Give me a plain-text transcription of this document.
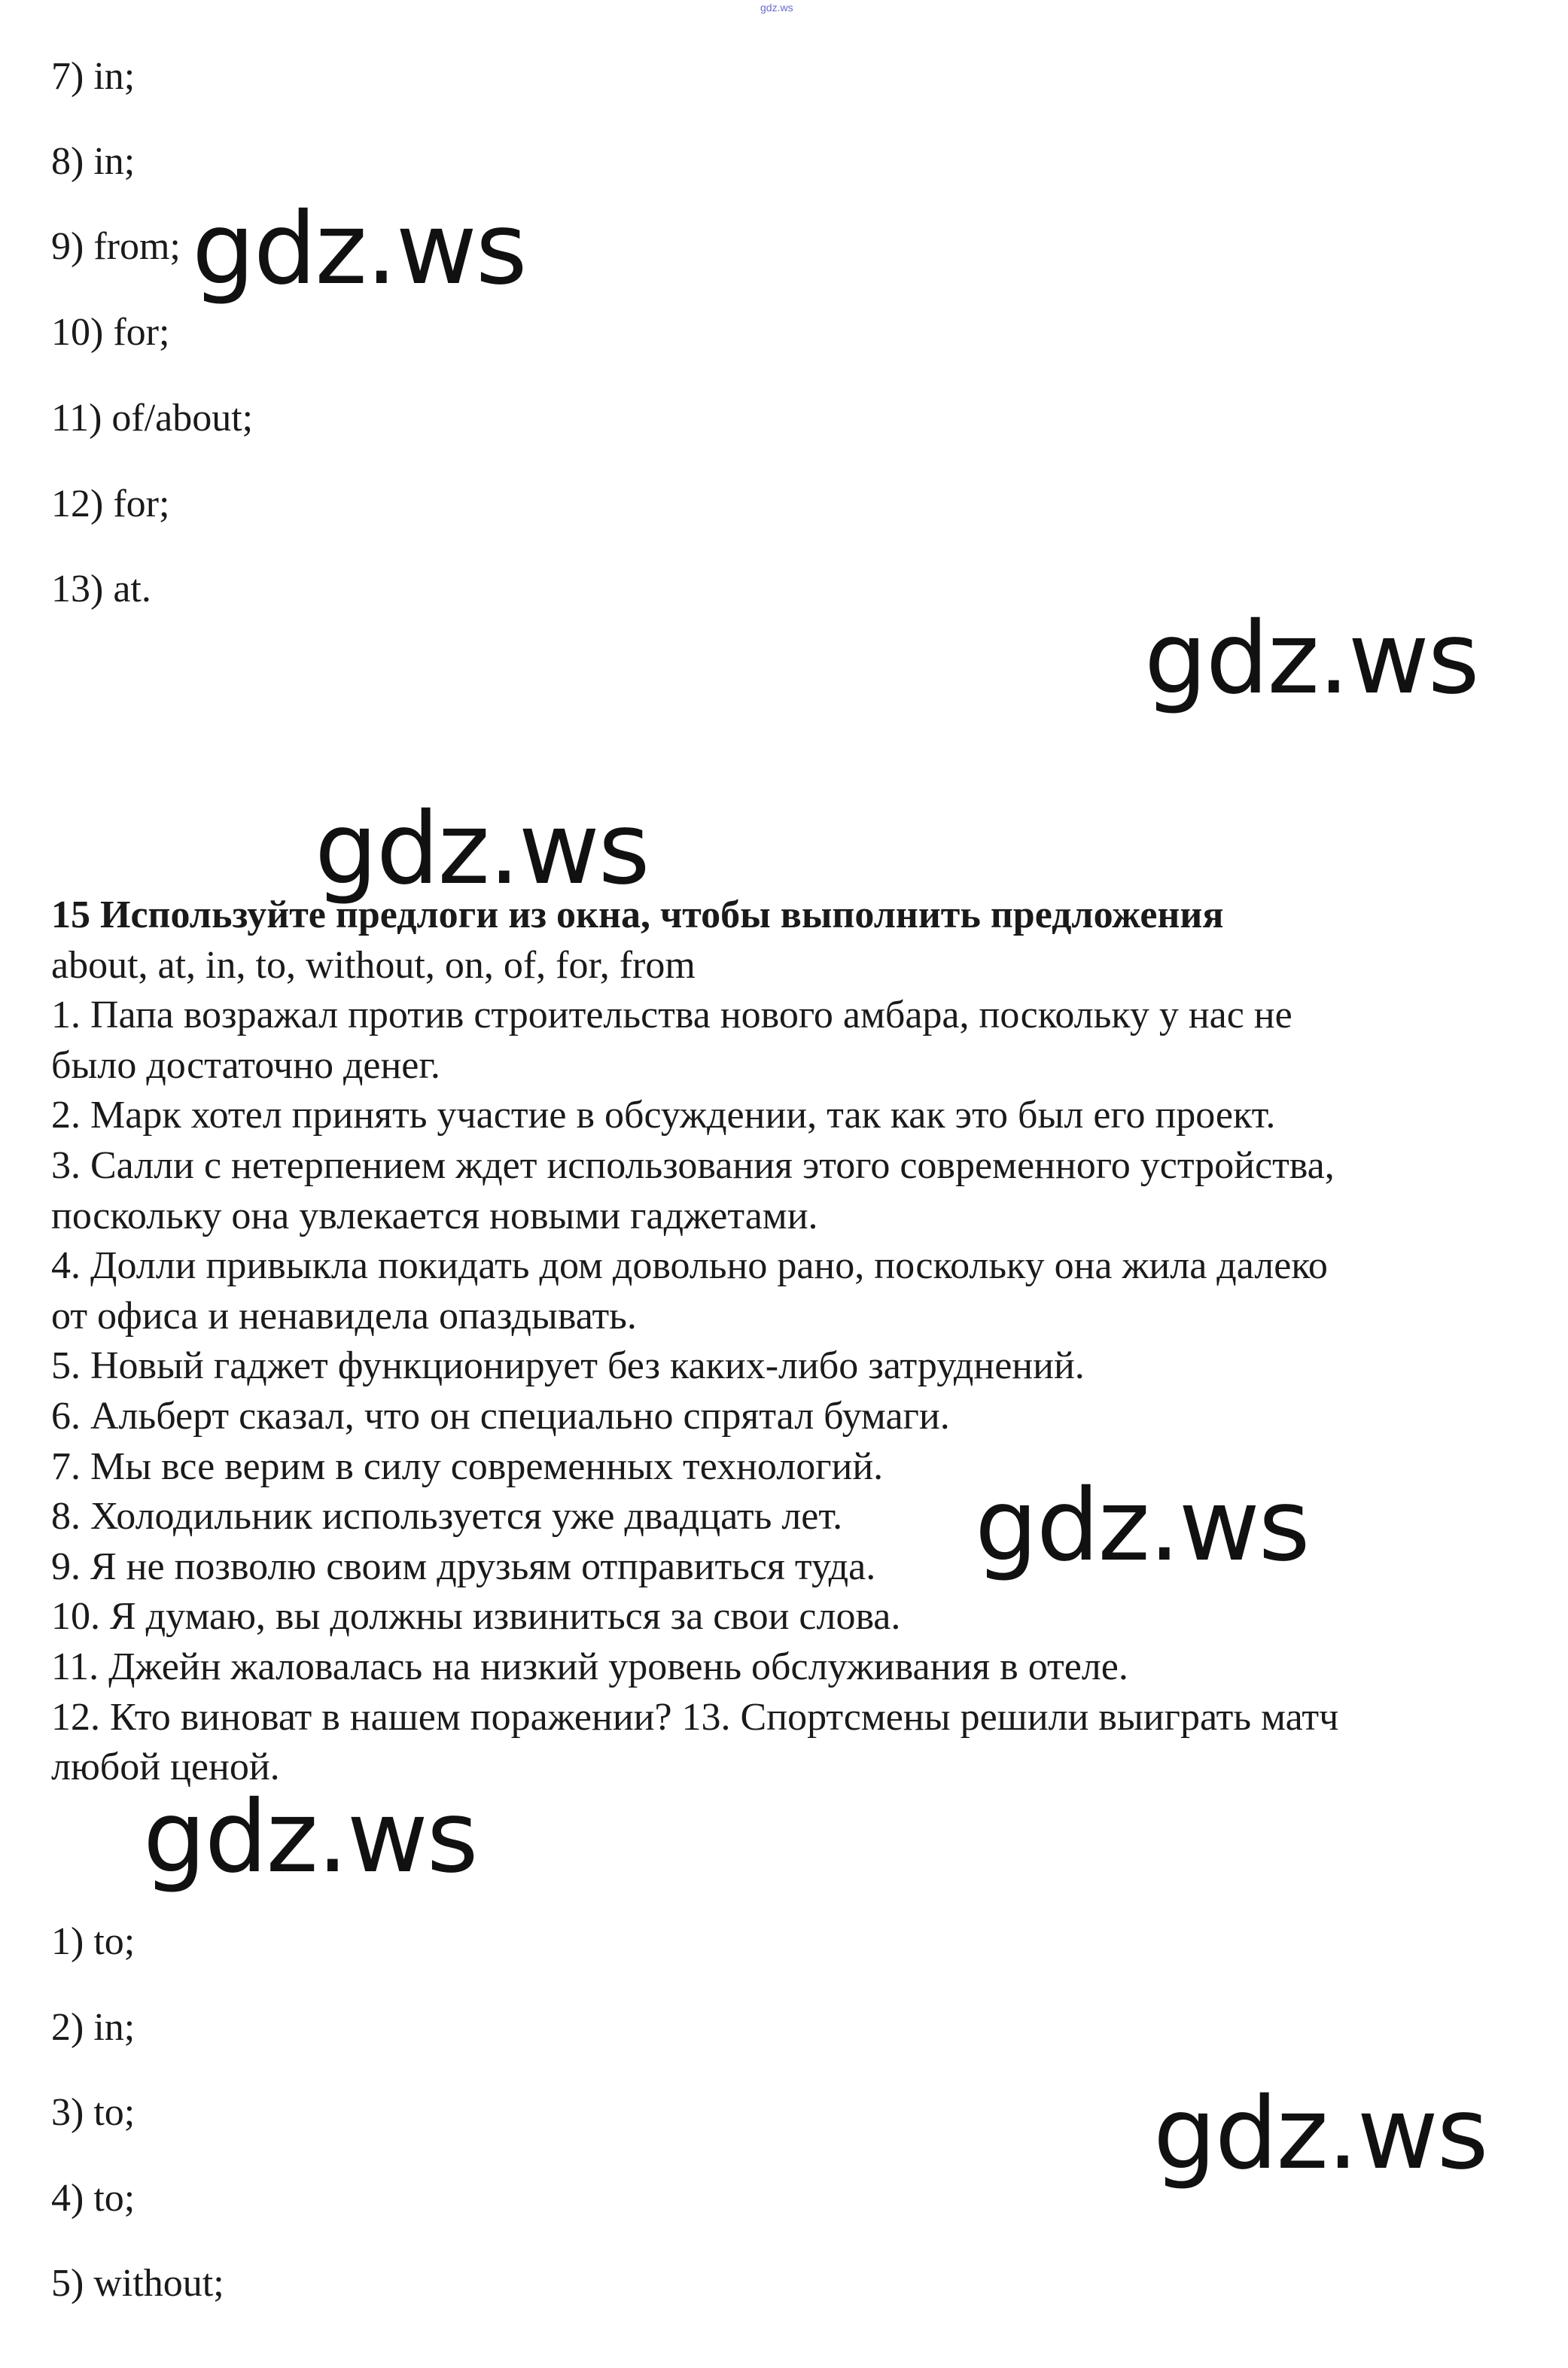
gdz.ws
7) in;
8) in;
9) from;
10) for;
11) of/about;
12) for;
13) at.
15 Используйте предлоги из окна, чтобы выполнить предложения
about, at, in, to, without, on, of, for, from
1. Папа возражал против строительства нового амбара, поскольку у нас не
было достаточно денег.
2. Марк хотел принять участие в обсуждении, так как это был его проект.
3. Салли с нетерпением ждет использования этого современного устройства,
поскольку она увлекается новыми гаджетами.
4. Долли привыкла покидать дом довольно рано, поскольку она жила далеко
от офиса и ненавидела опаздывать.
5. Новый гаджет функционирует без каких-либо затруднений.
6. Альберт сказал, что он специально спрятал бумаги.
7. Мы все верим в силу современных технологий.
8. Холодильник используется уже двадцать лет.
9. Я не позволю своим друзьям отправиться туда.
10. Я думаю, вы должны извиниться за свои слова.
11. Джейн жаловалась на низкий уровень обслуживания в отеле.
12. Кто виноват в нашем поражении? 13. Спортсмены решили выиграть матч
любой ценой.
1) to;
2) in;
3) to;
4) to;
5) without;
gdz.ws
gdz.ws
gdz.ws
gdz.ws
gdz.ws
gdz.ws
